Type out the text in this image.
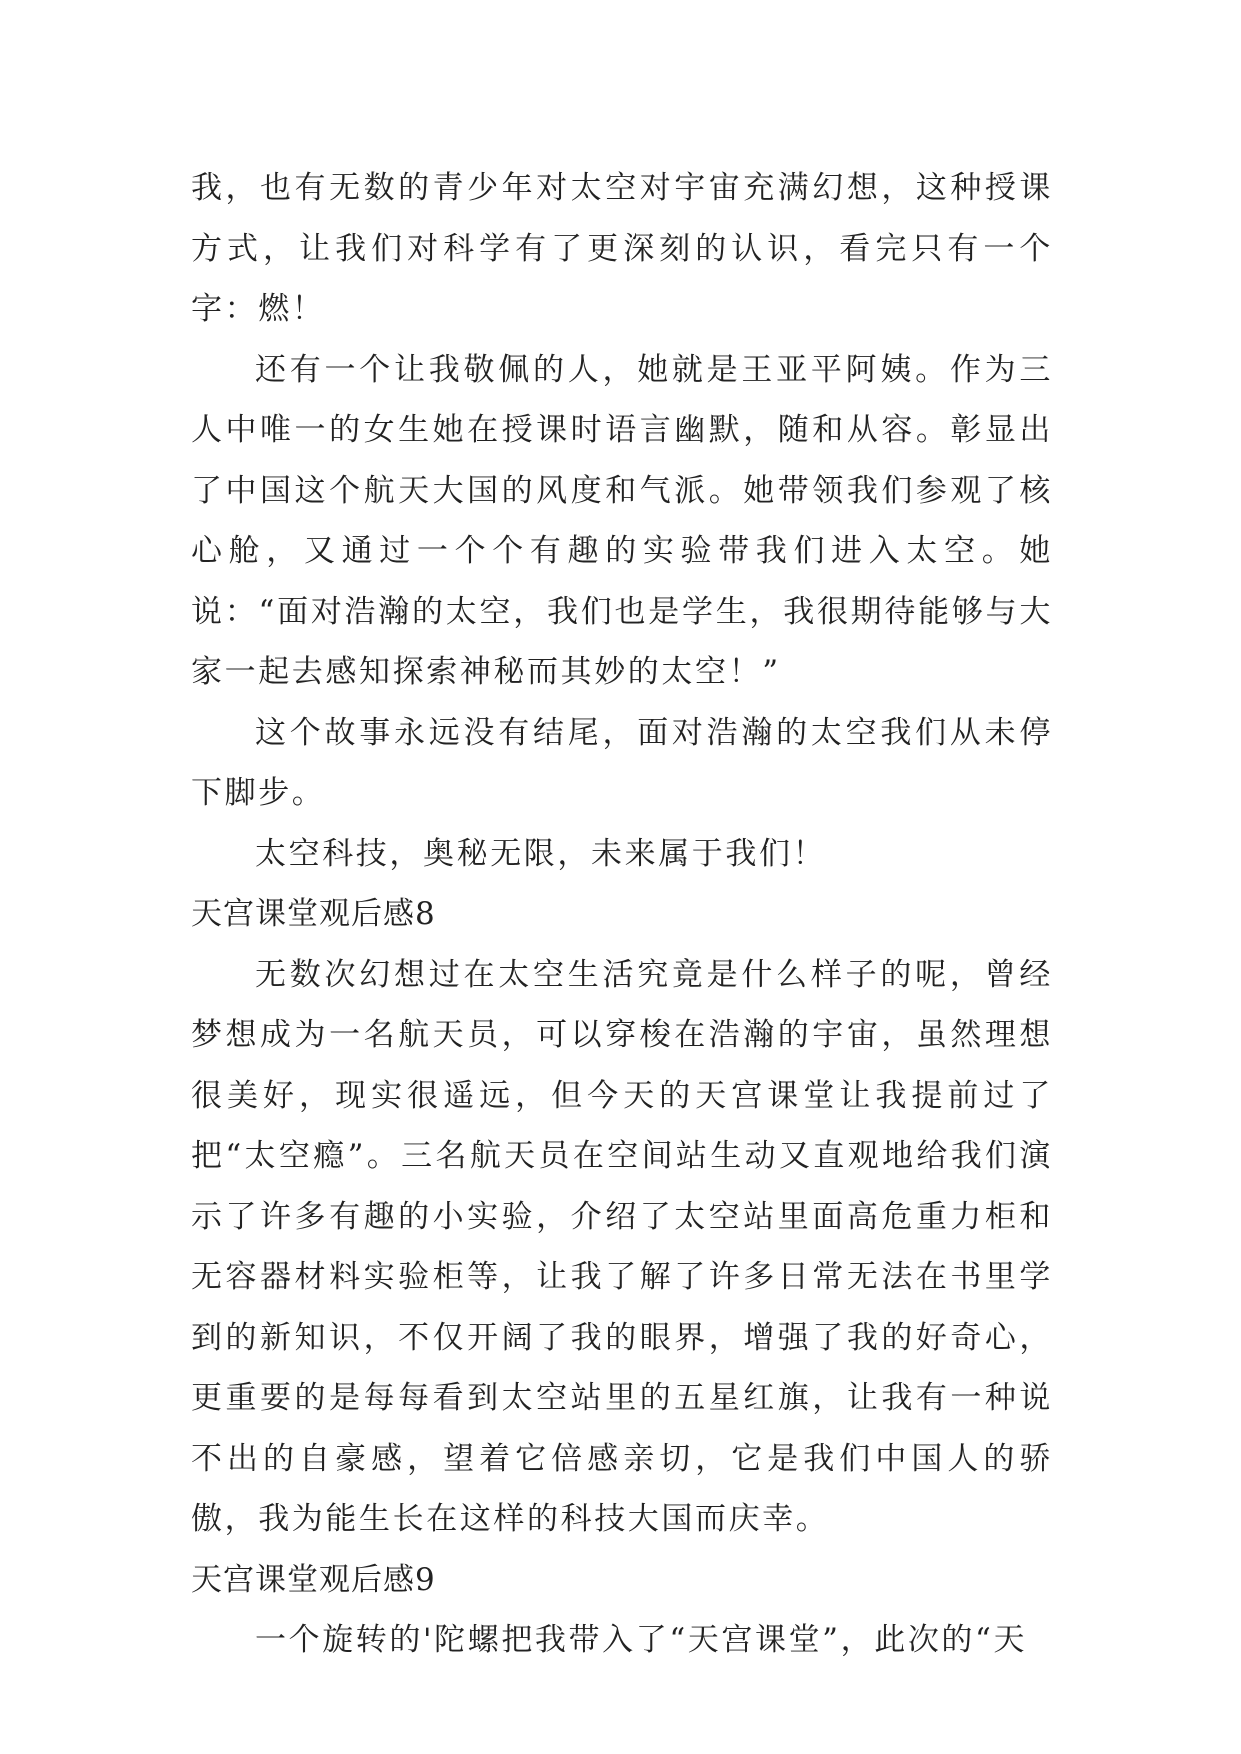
我，也有无数的青少年对太空对宇宙充满幻想，这种授课方式，让我们对科学有了更深刻的认识，看完只有一个字：燃！

还有一个让我敬佩的人，她就是王亚平阿姨。作为三人中唯一的女生她在授课时语言幽默，随和从容。彰显出了中国这个航天大国的风度和气派。她带领我们参观了核心舱，又通过一个个有趣的实验带我们进入太空。她说：“面对浩瀚的太空，我们也是学生，我很期待能够与大家一起去感知探索神秘而其妙的太空！”

这个故事永远没有结尾，面对浩瀚的太空我们从未停下脚步。

太空科技，奥秘无限，未来属于我们！

天宫课堂观后感8

无数次幻想过在太空生活究竟是什么样子的呢，曾经梦想成为一名航天员，可以穿梭在浩瀚的宇宙，虽然理想很美好，现实很遥远，但今天的天宫课堂让我提前过了把“太空瘾”。三名航天员在空间站生动又直观地给我们演示了许多有趣的小实验，介绍了太空站里面高危重力柜和无容器材料实验柜等，让我了解了许多日常无法在书里学到的新知识，不仅开阔了我的眼界，增强了我的好奇心，更重要的是每每看到太空站里的五星红旗，让我有一种说不出的自豪感，望着它倍感亲切，它是我们中国人的骄傲，我为能生长在这样的科技大国而庆幸。

天宫课堂观后感9

一个旋转的'陀螺把我带入了“天宫课堂”，此次的“天
